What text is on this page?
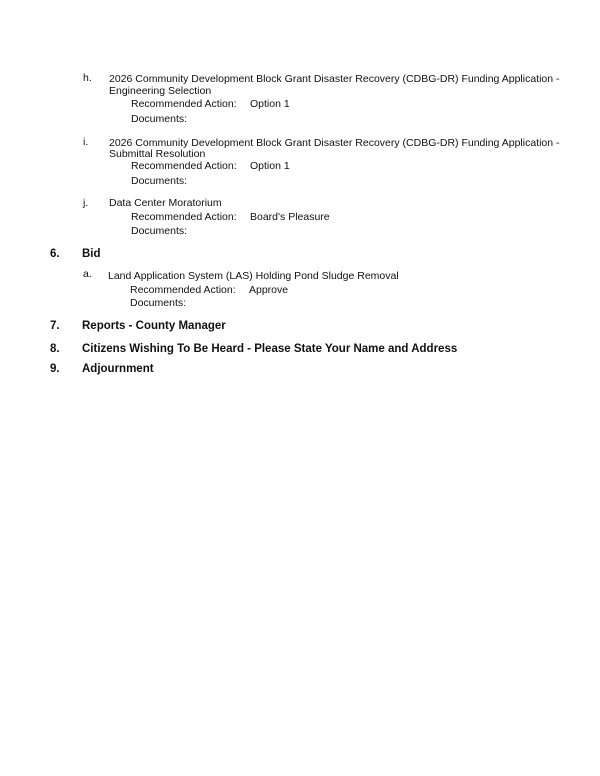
h. 2026 Community Development Block Grant Disaster Recovery (CDBG-DR) Funding Application -
Engineering Selection
Recommended Action: Option 1
Documents:
i. 2026 Community Development Block Grant Disaster Recovery (CDBG-DR) Funding Application -
Submittal Resolution
Recommended Action: Option 1
Documents:
j. Data Center Moratorium
Recommended Action: Board's Pleasure
Documents:
6. Bid
a. Land Application System (LAS) Holding Pond Sludge Removal
Recommended Action: Approve
Documents:
7. Reports - County Manager
8. Citizens Wishing To Be Heard - Please State Your Name and Address
9. Adjournment
